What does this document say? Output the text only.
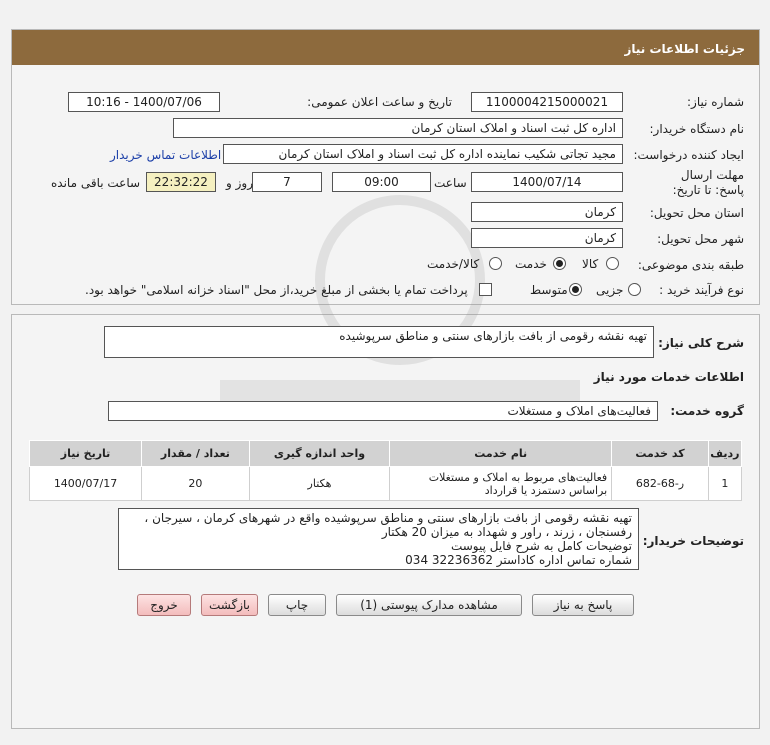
جزئیات اطلاعات نیاز
شماره نیاز:
1100004215000021
تاریخ و ساعت اعلان عمومی:
1400/07/06 - 10:16
نام دستگاه خریدار:
اداره کل ثبت اسناد و املاک استان کرمان
ایجاد کننده درخواست:
مجید تجاتی شکیب نماینده اداره کل ثبت اسناد و املاک استان کرمان
اطلاعات تماس خریدار
مهلت ارسال پاسخ: تا تاریخ:
1400/07/14
ساعت
09:00
7
روز و
22:32:22
ساعت باقی مانده
استان محل تحویل:
کرمان
شهر محل تحویل:
کرمان
طبقه بندی موضوعی:
کالا
خدمت
کالا/خدمت
نوع فرآیند خرید :
جزیی
متوسط
پرداخت تمام یا بخشی از مبلغ خرید،از محل "اسناد خزانه اسلامی" خواهد بود.
شرح کلی نیاز:
تهیه نقشه رقومی از بافت بازارهای سنتی و مناطق سرپوشیده
اطلاعات خدمات مورد نیاز
گروه خدمت:
فعالیت‌های املاک و مستغلات
ردیف	کد خدمت	نام خدمت	واحد اندازه گیری	تعداد / مقدار	تاریخ نیاز
1	ر-68-682	فعالیت‌های مربوط به املاک و مستغلات براساس دستمزد یا قرارداد	هکتار	20	1400/07/17
توضیحات خریدار:
تهیه نقشه رقومی از بافت بازارهای سنتی و مناطق سرپوشیده واقع در شهرهای کرمان ، سیرجان ،
رفسنجان ، زرند ، راور و شهداد به میزان 20 هکتار
توضیحات کامل به شرح فایل پیوست
شماره تماس اداره کاداستر 32236362 034
پاسخ به نیاز
مشاهده مدارک پیوستی (1)
چاپ
بازگشت
خروج
